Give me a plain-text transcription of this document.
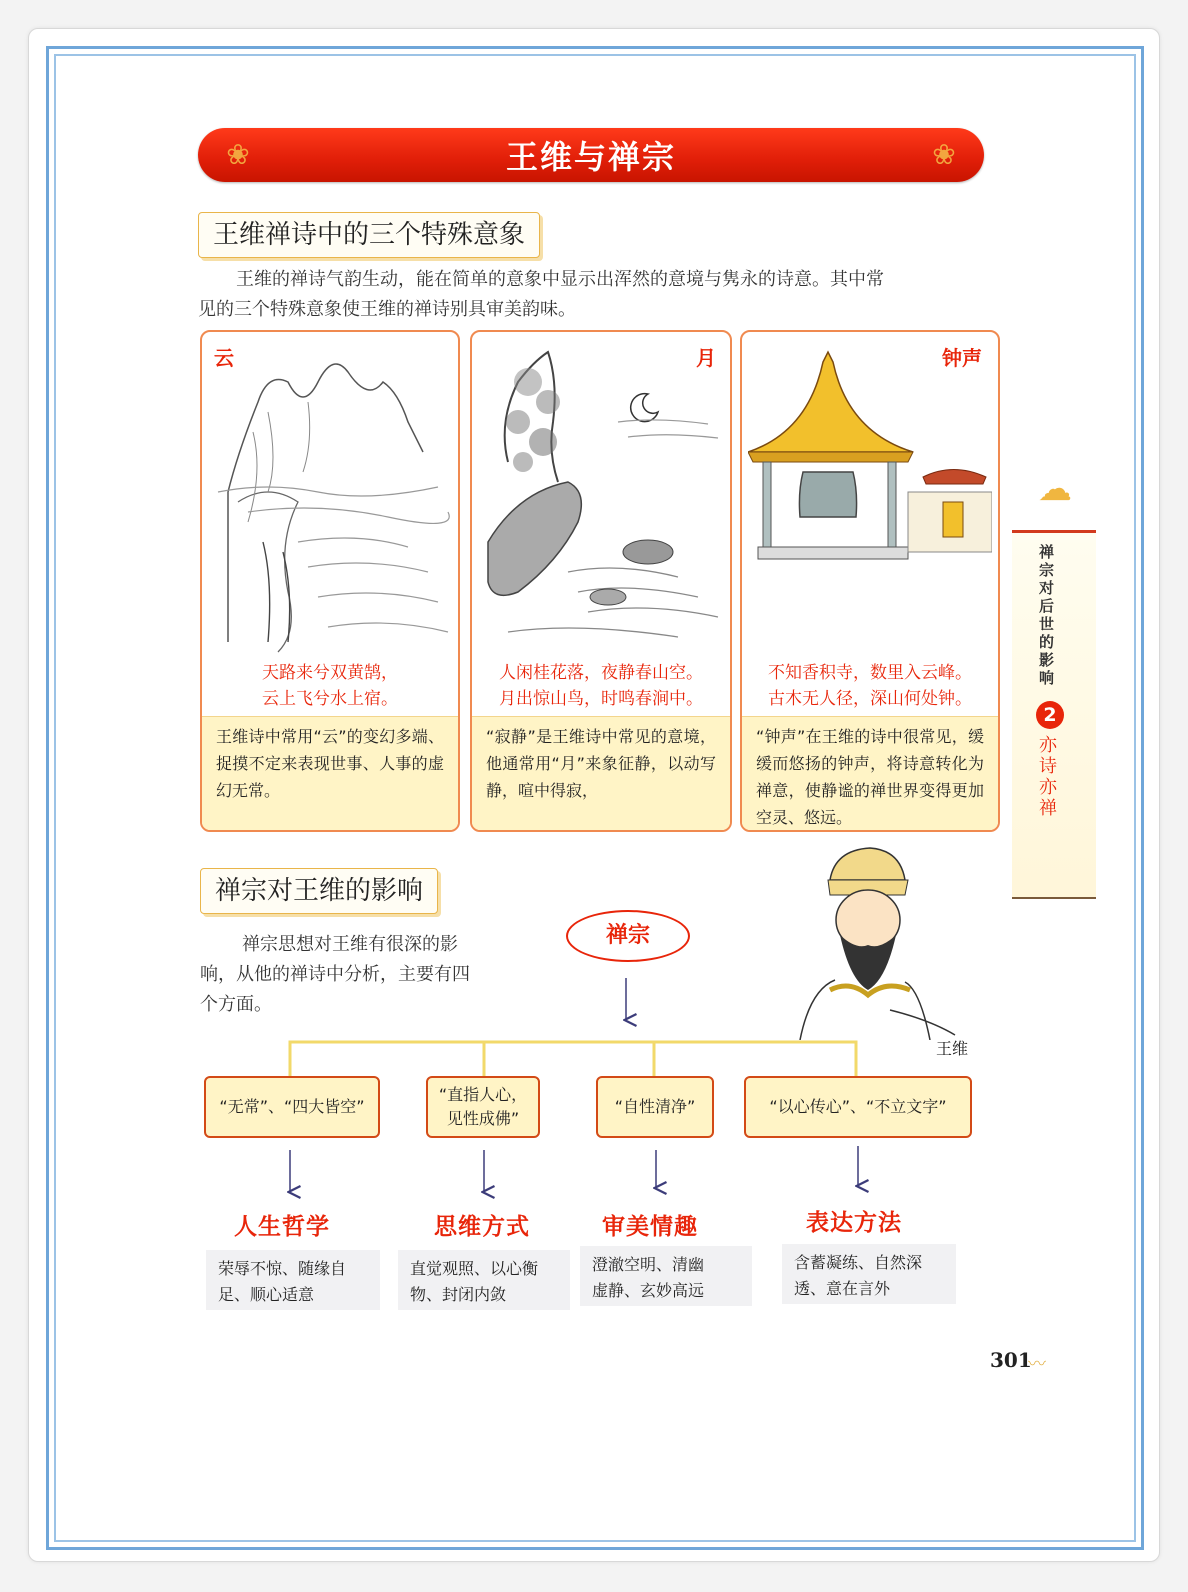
❀	王维与禅宗	❀
王维禅诗中的三个特殊意象
王维的禅诗气韵生动，能在简单的意象中显示出浑然的意境与隽永的诗意。其中常
见的三个特殊意象使王维的禅诗别具审美韵味。
云
天路来兮双黄鹄，
云上飞兮水上宿。
王维诗中常用“云”的变幻多端、捉摸不定来表现世事、人事的虚幻无常。
月
人闲桂花落，夜静春山空。
月出惊山鸟，时鸣春涧中。
“寂静”是王维诗中常见的意境，他通常用“月”来象征静，以动写静，喧中得寂，
钟声
不知香积寺，数里入云峰。
古木无人径，深山何处钟。
“钟声”在王维的诗中很常见，缓缓而悠扬的钟声，将诗意转化为禅意，使静谧的禅世界变得更加空灵、悠远。
☁
禅宗对后世的影响
2
亦诗亦禅
禅宗对王维的影响
禅宗思想对王维有很深的影
响，从他的禅诗中分析，主要有四
个方面。
王维
禅宗
“无常”、“四大皆空”
“直指人心，
见性成佛”
“自性清净”	“以心传心”、“不立文字”
人生哲学	思维方式	审美情趣	表达方法
荣辱不惊、随缘自
足、顺心适意
直觉观照、以心衡
物、封闭内敛
澄澈空明、清幽
虚静、玄妙高远
含蓄凝练、自然深
透、意在言外
301
〰
